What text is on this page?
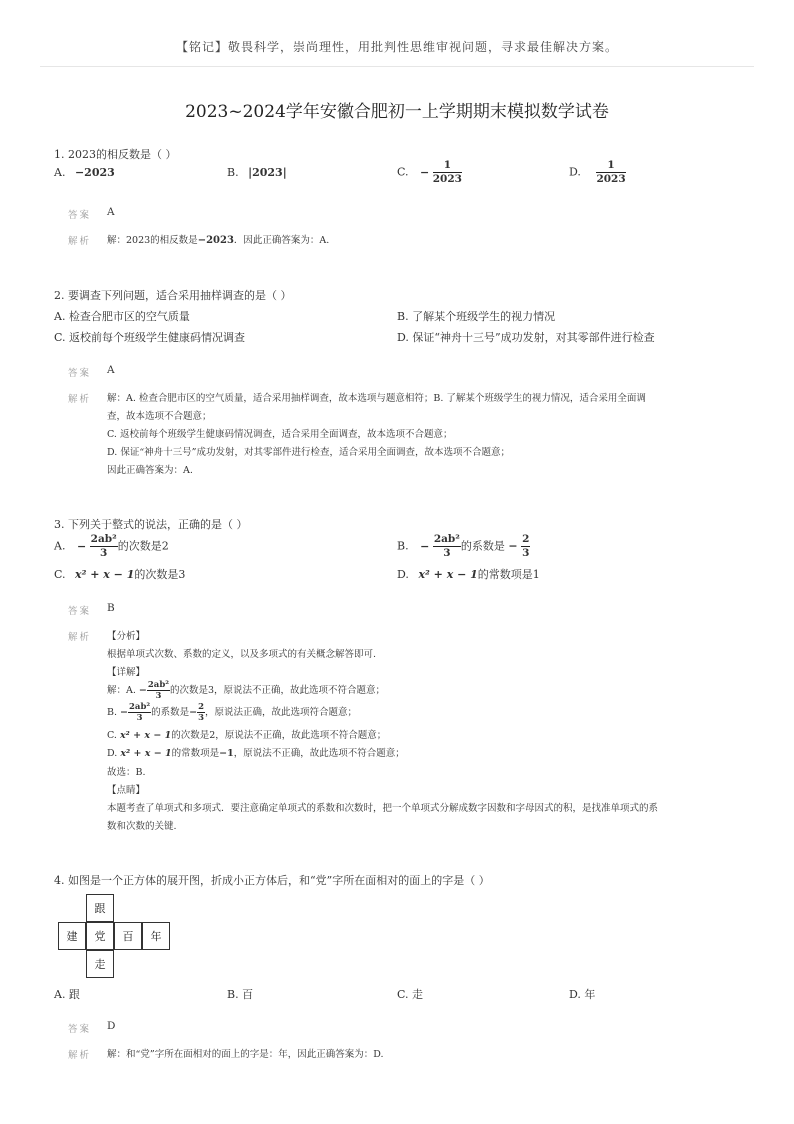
【铭记】敬畏科学，崇尚理性，用批判性思维审视问题，寻求最佳解决方案。
2023~2024学年安徽合肥初一上学期期末模拟数学试卷
1. 2023的相反数是（ ）
A. −2023	B. |2023|	C. − $\frac{1}{2023}$	D. $\frac{1}{2023}$
答案 A
解析 解：2023的相反数是−2023．因此正确答案为：A.
2. 要调查下列问题，适合采用抽样调查的是（ ）
A. 检查合肥市区的空气质量	B. 了解某个班级学生的视力情况
C. 返校前每个班级学生健康码情况调查	D. 保证“神舟十三号”成功发射，对其零部件进行检查
答案 A
解析 解：A. 检查合肥市区的空气质量，适合采用抽样调查，故本选项与题意相符；B. 了解某个班级学生的视力情况，适合采用全面调
查，故本选项不合题意；
C. 返校前每个班级学生健康码情况调查，适合采用全面调查，故本选项不合题意；
D. 保证“神舟十三号”成功发射，对其零部件进行检查，适合采用全面调查，故本选项不合题意；
因此正确答案为：A.
3. 下列关于整式的说法，正确的是（ ）
A. − $\frac{\text{2ab²}}{3}$ 的次数是2	B. − $\frac{\text{2ab²}}{3}$ 的系数是 − $\frac{2}{3}$
C. x² + x − 1的次数是3	D. x² + x − 1的常数项是1
答案 B
解析 【分析】
根据单项式次数、系数的定义，以及多项式的有关概念解答即可.
【详解】
解：A. − $\frac{\text{2ab²}}{3}$ 的次数是3，原说法不正确，故此选项不符合题意；
B. − $\frac{\text{2ab²}}{3}$ 的系数是− $\frac{2}{3}$ ，原说法正确，故此选项符合题意；
C. x² + x − 1的次数是2，原说法不正确，故此选项不符合题意；
D. x² + x − 1的常数项是−1，原说法不正确，故此选项不符合题意；
故选：B.
【点睛】
本题考查了单项式和多项式．要注意确定单项式的系数和次数时，把一个单项式分解成数字因数和字母因式的积，是找准单项式的系
数和次数的关键.
4. 如图是一个正方体的展开图，折成小正方体后，和“党”字所在面相对的面上的字是（ ）
跟
建	党	百	年
走
A. 跟	B. 百	C. 走	D. 年
答案 D
解析 解：和“党”字所在面相对的面上的字是：年，因此正确答案为：D.
